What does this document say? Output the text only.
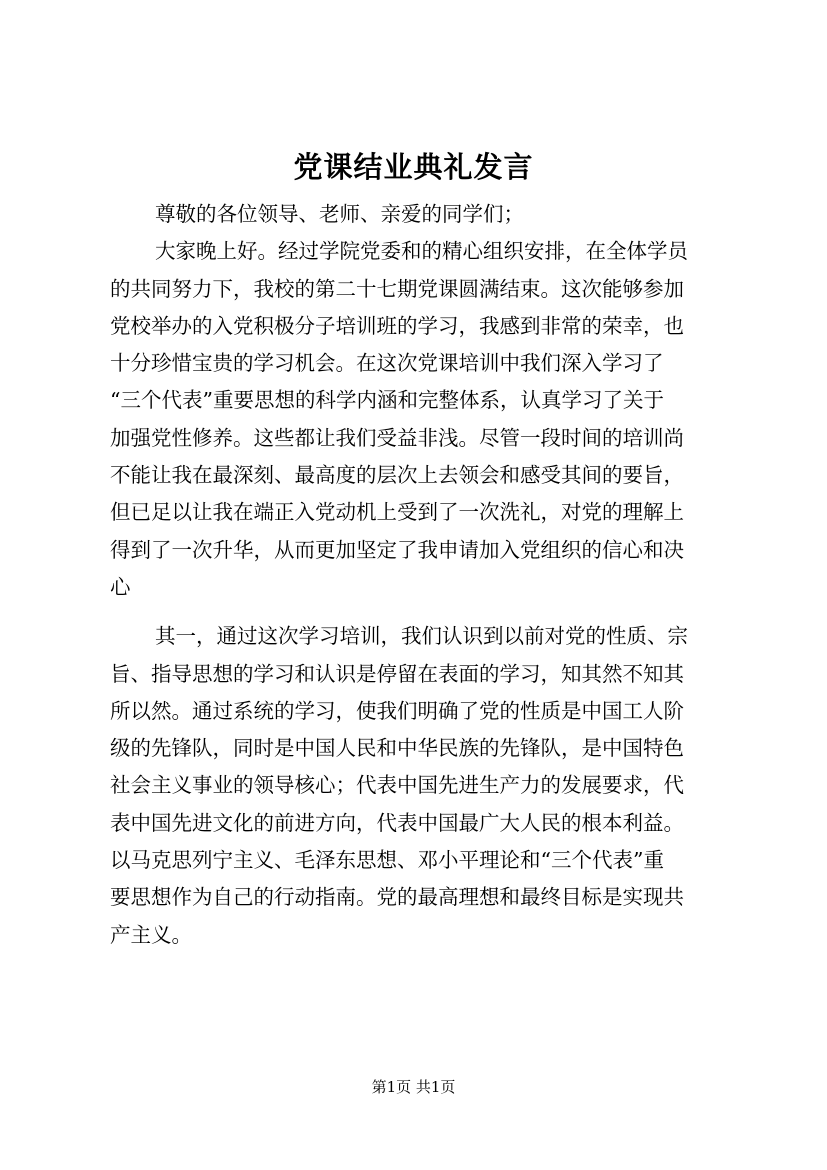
党课结业典礼发言
尊敬的各位领导、老师、亲爱的同学们；
大家晚上好。经过学院党委和的精心组织安排，在全体学员
的共同努力下，我校的第二十七期党课圆满结束。这次能够参加
党校举办的入党积极分子培训班的学习，我感到非常的荣幸，也
十分珍惜宝贵的学习机会。在这次党课培训中我们深入学习了
“三个代表”重要思想的科学内涵和完整体系，认真学习了关于
加强党性修养。这些都让我们受益非浅。尽管一段时间的培训尚
不能让我在最深刻、最高度的层次上去领会和感受其间的要旨，
但已足以让我在端正入党动机上受到了一次洗礼，对党的理解上
得到了一次升华，从而更加坚定了我申请加入党组织的信心和决
心
其一，通过这次学习培训，我们认识到以前对党的性质、宗
旨、指导思想的学习和认识是停留在表面的学习，知其然不知其
所以然。通过系统的学习，使我们明确了党的性质是中国工人阶
级的先锋队，同时是中国人民和中华民族的先锋队，是中国特色
社会主义事业的领导核心；代表中国先进生产力的发展要求，代
表中国先进文化的前进方向，代表中国最广大人民的根本利益。
以马克思列宁主义、毛泽东思想、邓小平理论和“三个代表”重
要思想作为自己的行动指南。党的最高理想和最终目标是实现共
产主义。
第1页 共1页
